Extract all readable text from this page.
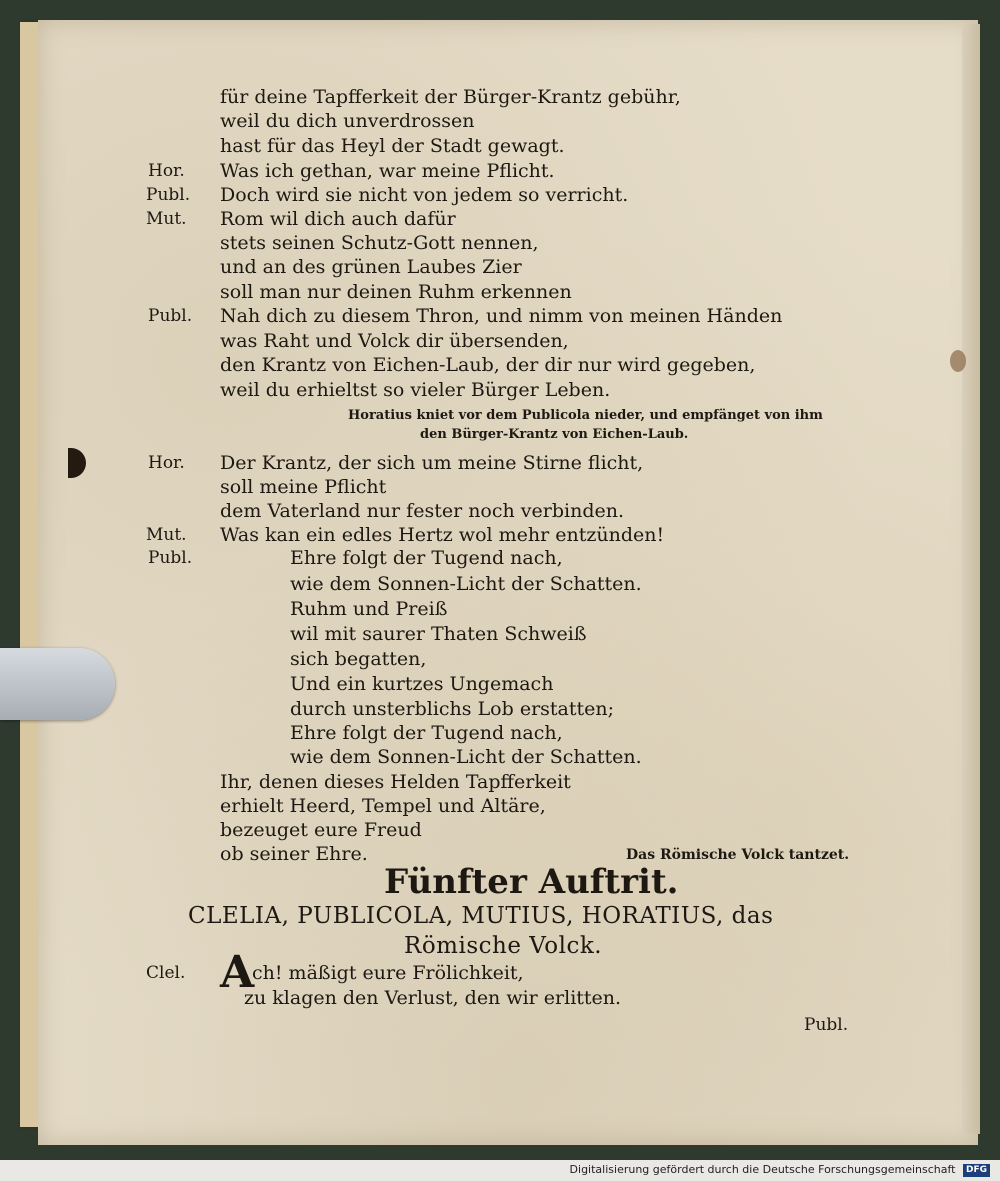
für deine Tapfferkeit der Bürger-Krantz gebühr,
weil du dich unverdrossen
hast für das Heyl der Stadt gewagt.
Hor. Was ich gethan, war meine Pflicht.
Publ. Doch wird sie nicht von jedem so verricht.
Mut. Rom wil dich auch dafür
stets seinen Schutz-Gott nennen,
und an des grünen Laubes Zier
soll man nur deinen Ruhm erkennen
Publ. Nah dich zu diesem Thron, und nimm von meinen Händen
was Raht und Volck dir übersenden,
den Krantz von Eichen-Laub, der dir nur wird gegeben,
weil du erhieltst so vieler Bürger Leben.
Horatius kniet vor dem Publicola nieder, und empfänget von ihm
den Bürger-Krantz von Eichen-Laub.
Hor. Der Krantz, der sich um meine Stirne flicht,
soll meine Pflicht
dem Vaterland nur fester noch verbinden.
Mut. Was kan ein edles Hertz wol mehr entzünden!
Publ.	Ehre folgt der Tugend nach,
wie dem Sonnen-Licht der Schatten.
Ruhm und Preiß
wil mit saurer Thaten Schweiß
sich begatten,
Und ein kurtzes Ungemach
durch unsterblichs Lob erstatten;
Ehre folgt der Tugend nach,
wie dem Sonnen-Licht der Schatten.
Ihr, denen dieses Helden Tapfferkeit
erhielt Heerd, Tempel und Altäre,
bezeuget eure Freud
ob seiner Ehre.	Das Römische Volck tantzet.
Fünfter Auftrit.
CLELIA, PUBLICOLA, MUTIUS, HORATIUS, das
Römische Volck.
Clel. A
ch! mäßigt eure Frölichkeit,
zu klagen den Verlust, den wir erlitten.
Publ.
Digitalisierung gefördert durch die Deutsche Forschungsgemeinschaft DFG
